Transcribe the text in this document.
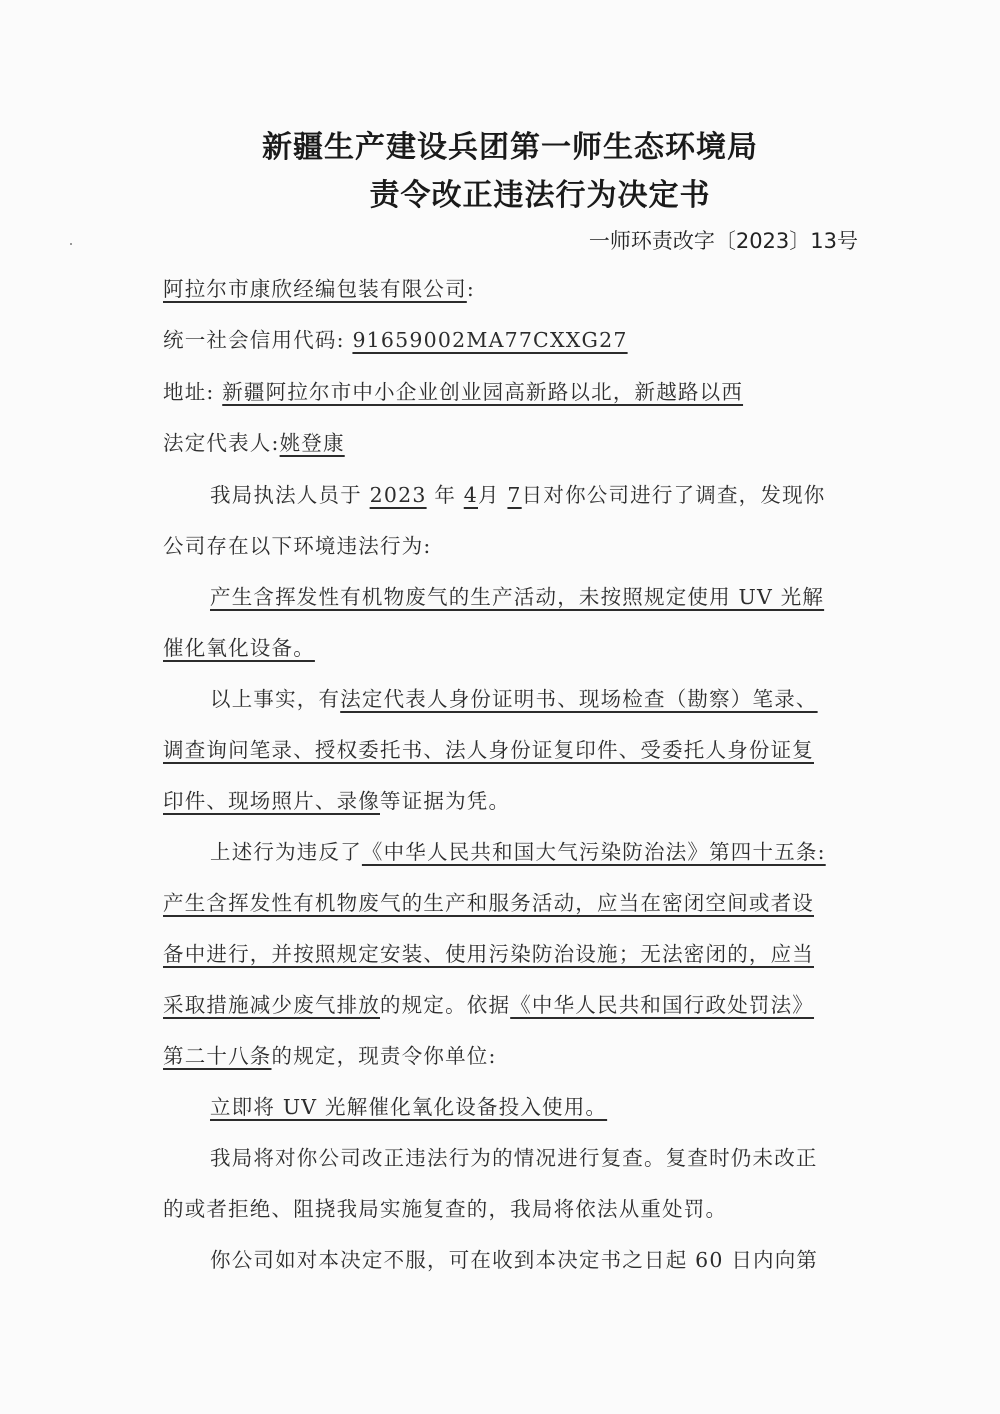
新疆生产建设兵团第一师生态环境局
责令改正违法行为决定书
一师环责改字〔2023〕13号
阿拉尔市康欣经编包装有限公司:
统一社会信用代码: 91659002MA77CXXG27
地址: 新疆阿拉尔市中小企业创业园高新路以北，新越路以西
法定代表人:姚登康
我局执法人员于 2023 年 4月 7日对你公司进行了调查，发现你
公司存在以下环境违法行为:
产生含挥发性有机物废气的生产活动，未按照规定使用 UV 光解
催化氧化设备。
以上事实，有法定代表人身份证明书、现场检查（勘察）笔录、
调查询问笔录、授权委托书、法人身份证复印件、受委托人身份证复
印件、现场照片、录像等证据为凭。
上述行为违反了《中华人民共和国大气污染防治法》第四十五条:
产生含挥发性有机物废气的生产和服务活动，应当在密闭空间或者设
备中进行，并按照规定安装、使用污染防治设施；无法密闭的，应当
采取措施减少废气排放的规定。依据《中华人民共和国行政处罚法》
第二十八条的规定，现责令你单位:
立即将 UV 光解催化氧化设备投入使用。
我局将对你公司改正违法行为的情况进行复查。复查时仍未改正
的或者拒绝、阻挠我局实施复查的，我局将依法从重处罚。
你公司如对本决定不服，可在收到本决定书之日起 60 日内向第
